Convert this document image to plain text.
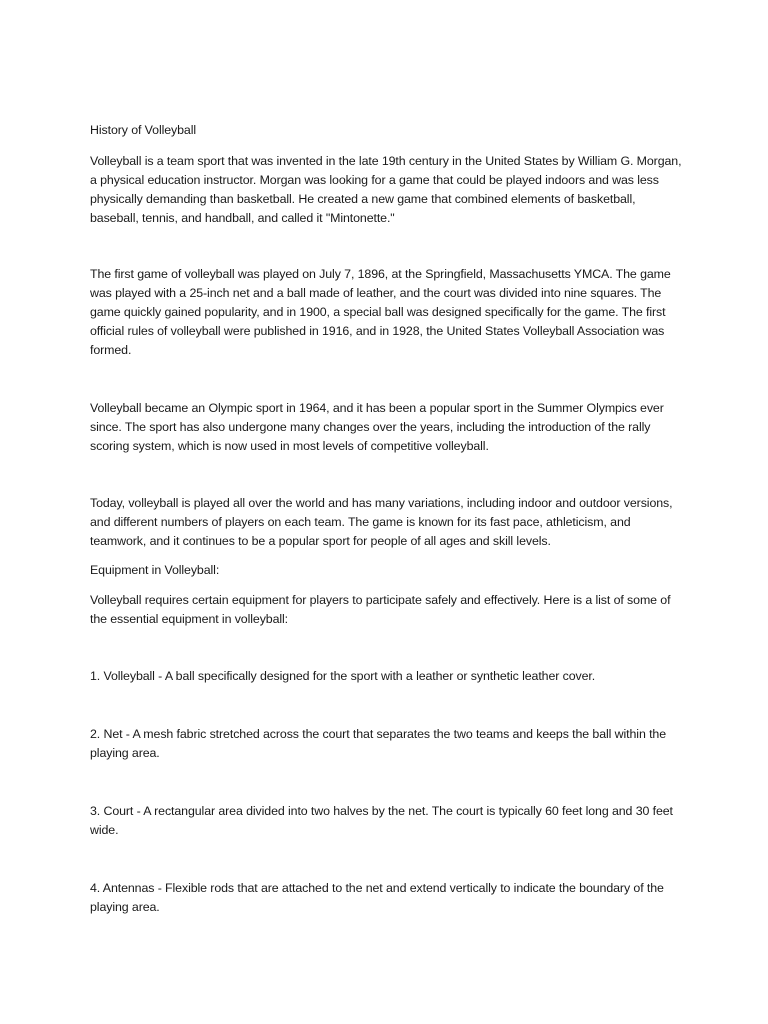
History of Volleyball

Volleyball is a team sport that was invented in the late 19th century in the United States by William G. Morgan, a physical education instructor. Morgan was looking for a game that could be played indoors and was less physically demanding than basketball. He created a new game that combined elements of basketball, baseball, tennis, and handball, and called it "Mintonette."

The first game of volleyball was played on July 7, 1896, at the Springfield, Massachusetts YMCA. The game was played with a 25-inch net and a ball made of leather, and the court was divided into nine squares. The game quickly gained popularity, and in 1900, a special ball was designed specifically for the game. The first official rules of volleyball were published in 1916, and in 1928, the United States Volleyball Association was formed.

Volleyball became an Olympic sport in 1964, and it has been a popular sport in the Summer Olympics ever since. The sport has also undergone many changes over the years, including the introduction of the rally scoring system, which is now used in most levels of competitive volleyball.

Today, volleyball is played all over the world and has many variations, including indoor and outdoor versions, and different numbers of players on each team. The game is known for its fast pace, athleticism, and teamwork, and it continues to be a popular sport for people of all ages and skill levels.

Equipment in Volleyball:

Volleyball requires certain equipment for players to participate safely and effectively. Here is a list of some of the essential equipment in volleyball:

1. Volleyball - A ball specifically designed for the sport with a leather or synthetic leather cover.

2. Net - A mesh fabric stretched across the court that separates the two teams and keeps the ball within the playing area.

3. Court - A rectangular area divided into two halves by the net. The court is typically 60 feet long and 30 feet wide.

4. Antennas - Flexible rods that are attached to the net and extend vertically to indicate the boundary of the playing area.
